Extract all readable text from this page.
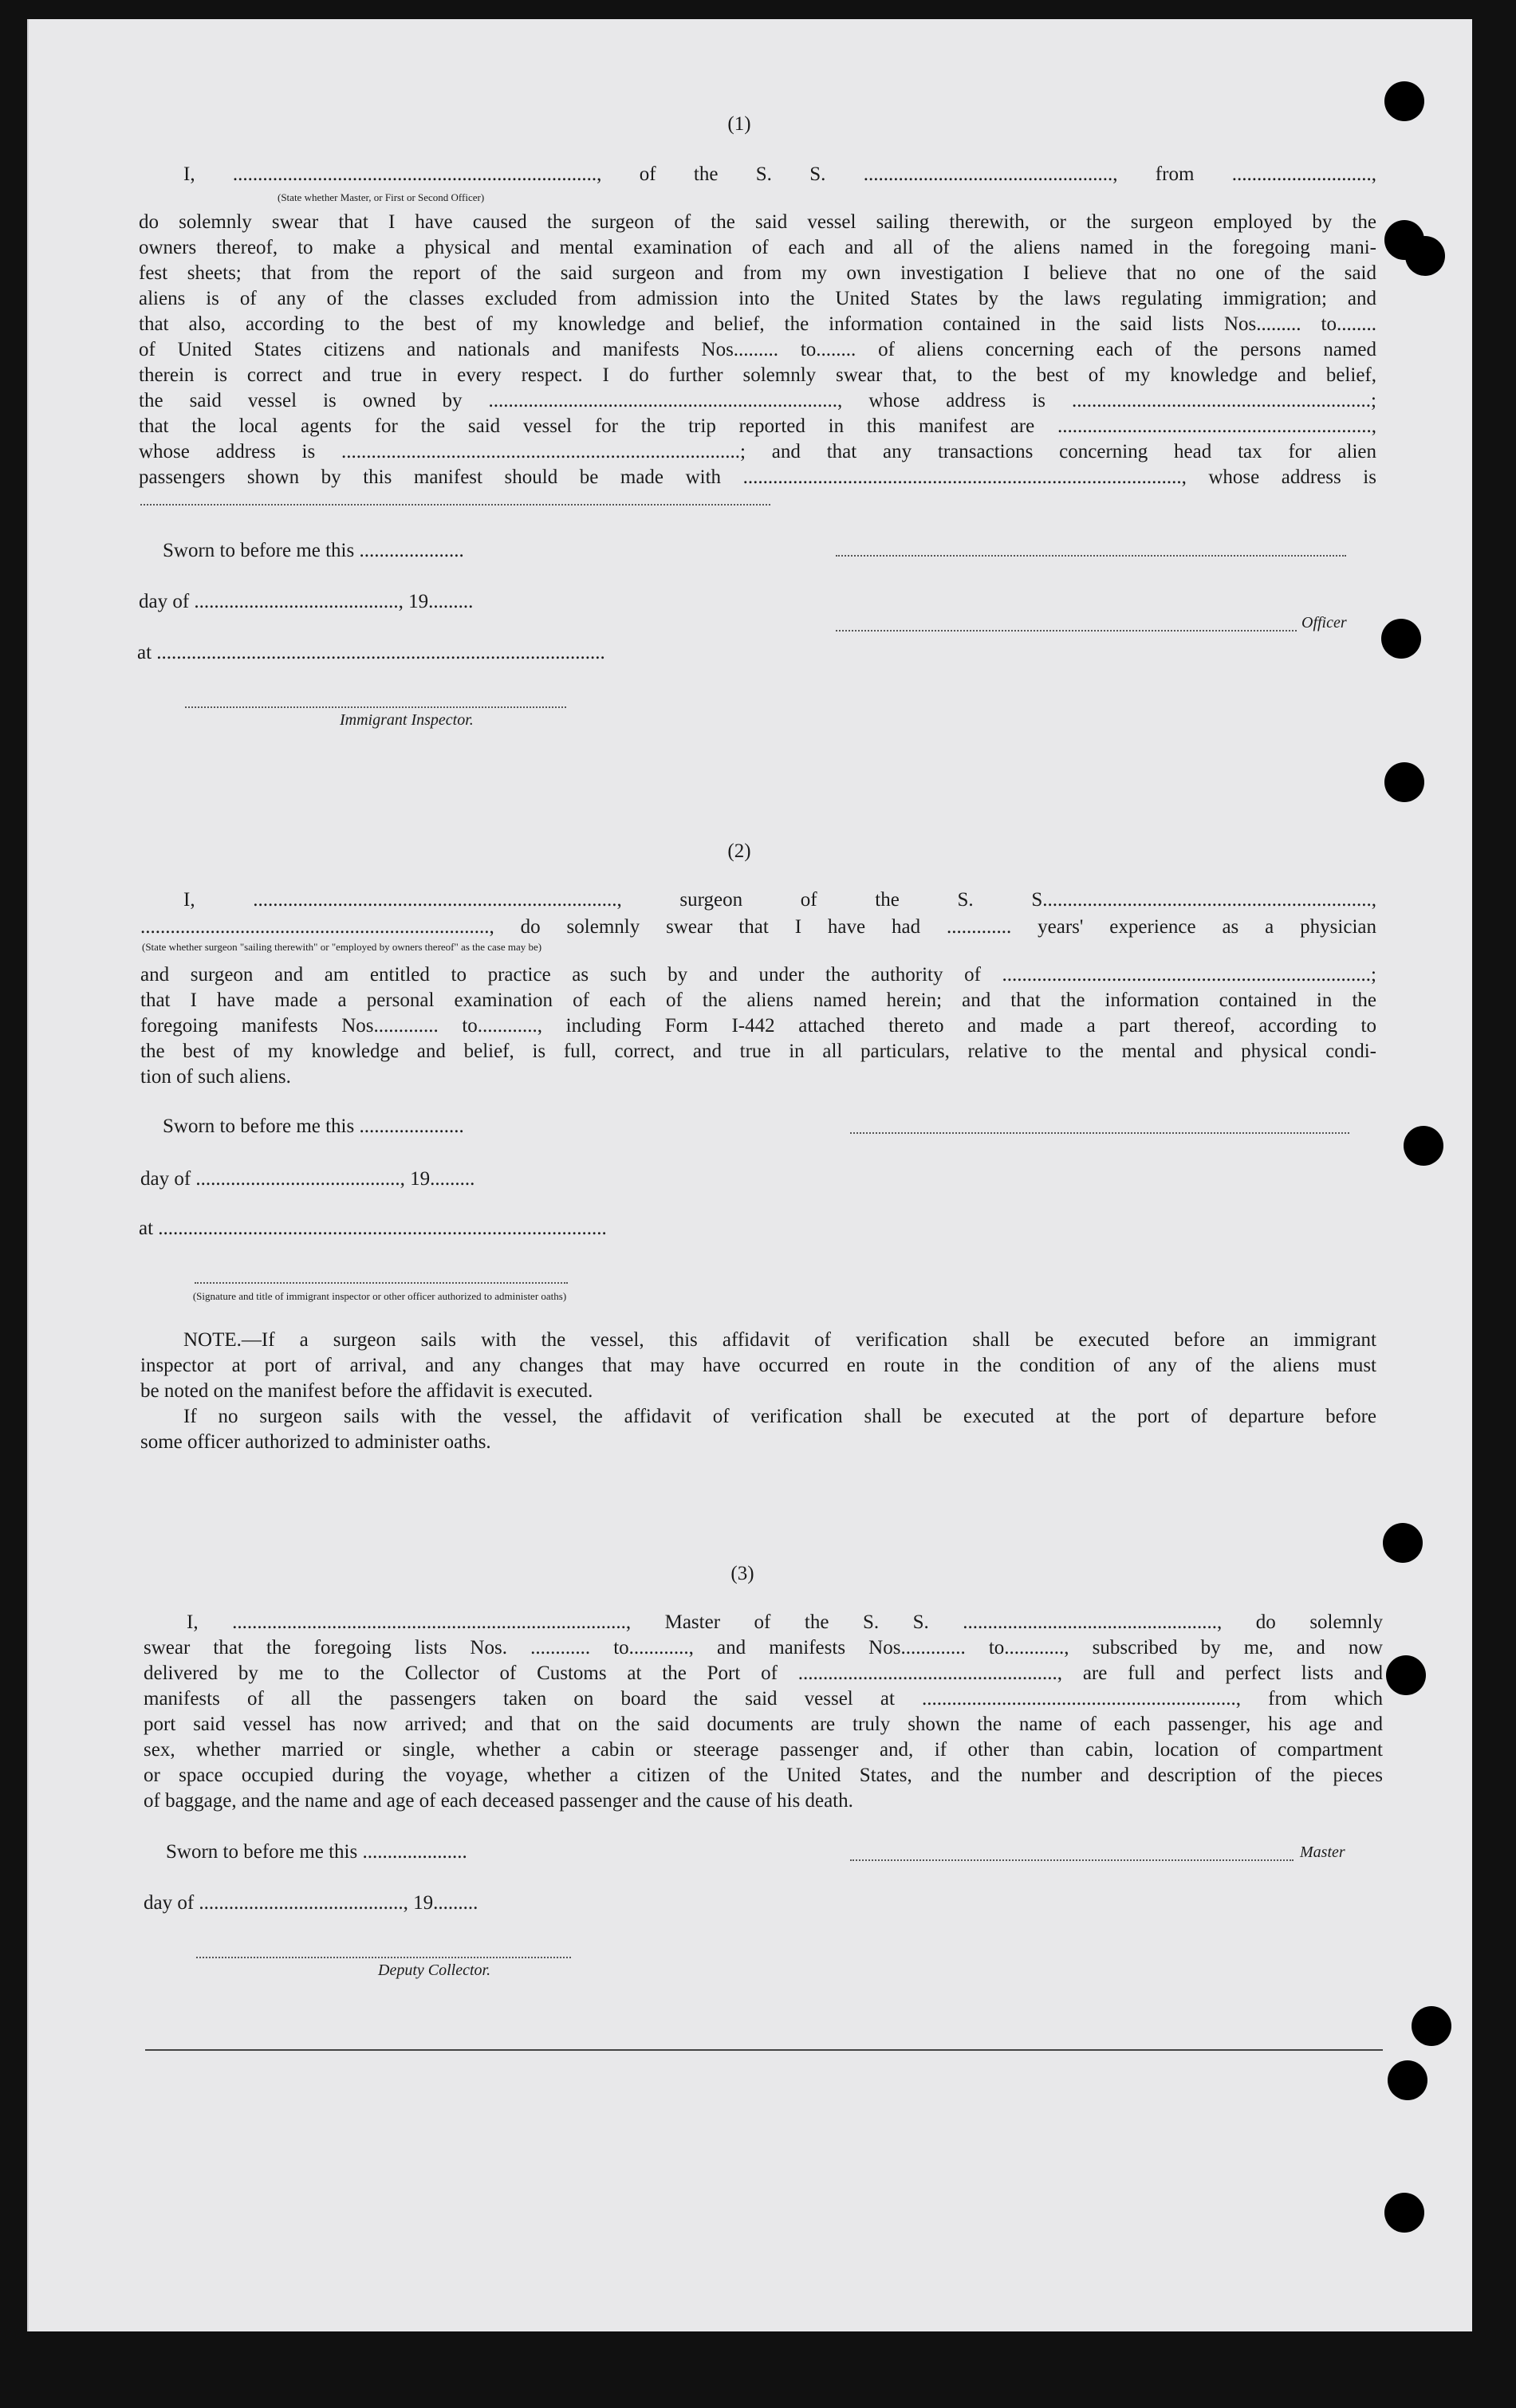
(1)
I, ........................................................................., of the S. S. .................................................., from ............................,
(State whether Master, or First or Second Officer)
do solemnly swear that I have caused the surgeon of the said vessel sailing therewith, or the surgeon employed by the
owners thereof, to make a physical and mental examination of each and all of the aliens named in the foregoing mani-
fest sheets; that from the report of the said surgeon and from my own investigation I believe that no one of the said
aliens is of any of the classes excluded from admission into the United States by the laws regulating immigration; and
that also, according to the best of my knowledge and belief, the information contained in the said lists Nos......... to........
of United States citizens and nationals and manifests Nos......... to........ of aliens concerning each of the persons named
therein is correct and true in every respect. I do further solemnly swear that, to the best of my knowledge and belief,
the said vessel is owned by ......................................................................, whose address is ............................................................;
that the local agents for the said vessel for the trip reported in this manifest are ...............................................................,
whose address is ................................................................................; and that any transactions concerning head tax for alien
passengers shown by this manifest should be made with ........................................................................................, whose address is
Sworn to before me this .....................
day of ........................................., 19.........
at ..........................................................................................
Officer
Immigrant Inspector.
(2)
I, ........................................................................., surgeon of the S. S..................................................................,
......................................................................, do solemnly swear that I have had ............. years' experience as a physician
(State whether surgeon "sailing therewith" or "employed by owners thereof" as the case may be)
and surgeon and am entitled to practice as such by and under the authority of ..........................................................................;
that I have made a personal examination of each of the aliens named herein; and that the information contained in the
foregoing manifests Nos............. to............, including Form I-442 attached thereto and made a part thereof, according to
the best of my knowledge and belief, is full, correct, and true in all particulars, relative to the mental and physical condi-
tion of such aliens.
Sworn to before me this .....................
day of ........................................., 19.........
at ..........................................................................................
(Signature and title of immigrant inspector or other officer authorized to administer oaths)
NOTE.—If a surgeon sails with the vessel, this affidavit of verification shall be executed before an immigrant
inspector at port of arrival, and any changes that may have occurred en route in the condition of any of the aliens must
be noted on the manifest before the affidavit is executed.
If no surgeon sails with the vessel, the affidavit of verification shall be executed at the port of departure before
some officer authorized to administer oaths.
(3)
I, ..............................................................................., Master of the S. S. ..................................................., do solemnly
swear that the foregoing lists Nos. ............ to............, and manifests Nos............. to............, subscribed by me, and now
delivered by me to the Collector of Customs at the Port of ...................................................., are full and perfect lists and
manifests of all the passengers taken on board the said vessel at ..............................................................., from which
port said vessel has now arrived; and that on the said documents are truly shown the name of each passenger, his age and
sex, whether married or single, whether a cabin or steerage passenger and, if other than cabin, location of compartment
or space occupied during the voyage, whether a citizen of the United States, and the number and description of the pieces
of baggage, and the name and age of each deceased passenger and the cause of his death.
Sworn to before me this .....................
day of ........................................., 19.........
Master
Deputy Collector.
